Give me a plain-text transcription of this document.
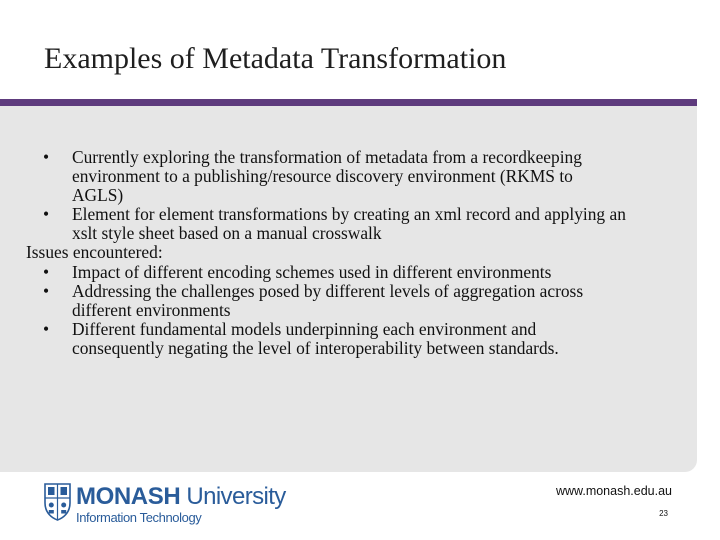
Examples of Metadata Transformation

• Currently exploring the transformation of metadata from a recordkeeping environment to a publishing/resource discovery environment (RKMS to AGLS)

• Element for element transformations by creating an xml record and applying an xslt style sheet based on a manual crosswalk

Issues encountered:

• Impact of different encoding schemes used in different environments

• Addressing the challenges posed by different levels of aggregation across different environments

• Different fundamental models underpinning each environment and consequently negating the level of interoperability between standards.

MONASH University
Information Technology
www.monash.edu.au
23
